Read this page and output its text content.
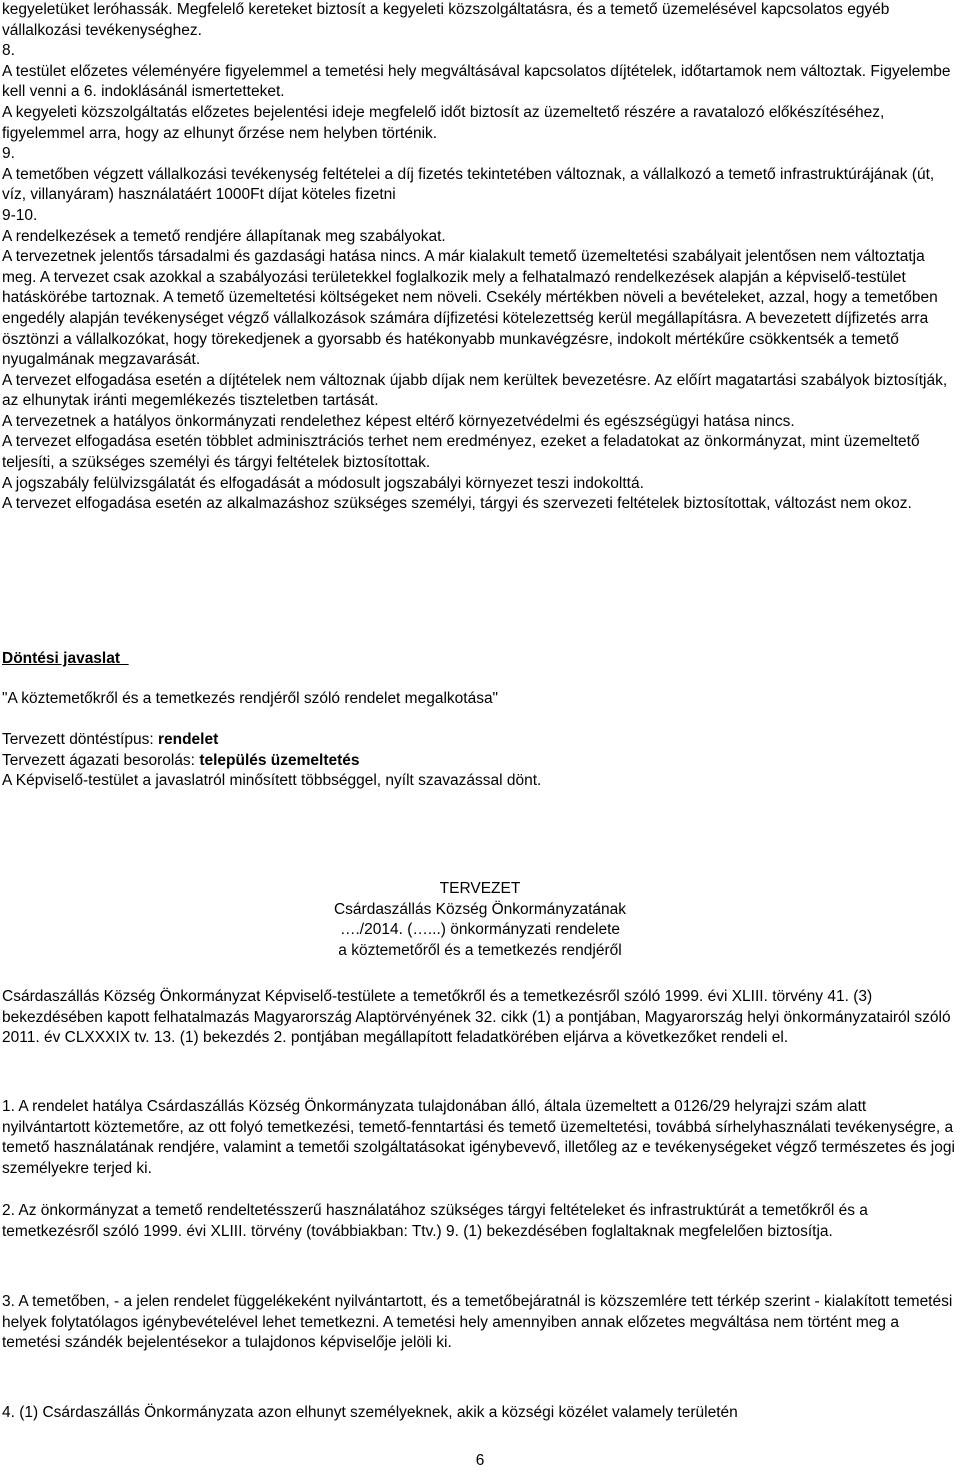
kegyeletüket leróhassák. Megfelelő kereteket biztosít a kegyeleti közszolgáltatásra, és a temető üzemelésével kapcsolatos egyéb vállalkozási tevékenységhez.

8.

A testület előzetes véleményére figyelemmel a temetési hely megváltásával kapcsolatos díjtételek, időtartamok nem változtak. Figyelembe kell venni a 6. indoklásánál ismertetteket.

A kegyeleti közszolgáltatás előzetes bejelentési ideje megfelelő időt biztosít az üzemeltető részére a ravatalozó előkészítéséhez, figyelemmel arra, hogy az elhunyt őrzése nem helyben történik.

9.

A temetőben végzett vállalkozási tevékenység feltételei a díj fizetés tekintetében változnak, a vállalkozó a temető infrastruktúrájának (út, víz, villanyáram) használatáért 1000Ft díjat köteles fizetni

9-10.

A rendelkezések a temető rendjére állapítanak meg szabályokat.

A tervezetnek jelentős társadalmi és gazdasági hatása nincs. A már kialakult temető üzemeltetési szabályait jelentősen nem változtatja meg. A tervezet csak azokkal a szabályozási területekkel foglalkozik mely a felhatalmazó rendelkezések alapján a képviselő-testület hatáskörébe tartoznak. A temető üzemeltetési költségeket nem növeli. Csekély mértékben növeli a bevételeket, azzal, hogy a temetőben engedély alapján tevékenységet végző vállalkozások számára díjfizetési kötelezettség kerül megállapításra. A bevezetett díjfizetés arra ösztönzi a vállalkozókat, hogy törekedjenek a gyorsabb és hatékonyabb munkavégzésre, indokolt mértékűre csökkentsék a temető nyugalmának megzavarását.

A tervezet elfogadása esetén a díjtételek nem változnak újabb díjak nem kerültek bevezetésre. Az előírt magatartási szabályok biztosítják, az elhunytak iránti megemlékezés tiszteletben tartását.

A tervezetnek a hatályos önkormányzati rendelethez képest eltérő környezetvédelmi és egészségügyi hatása nincs.

A tervezet elfogadása esetén többlet adminisztrációs terhet nem eredményez, ezeket a feladatokat az önkormányzat, mint üzemeltető teljesíti, a szükséges személyi és tárgyi feltételek biztosítottak.

A jogszabály felülvizsgálatát és elfogadását a módosult jogszabályi környezet teszi indokolttá.

A tervezet elfogadása esetén az alkalmazáshoz szükséges személyi, tárgyi és szervezeti feltételek biztosítottak, változást nem okoz.

Döntési javaslat

"A köztemetőkről és a temetkezés rendjéről szóló rendelet megalkotása"

Tervezett döntéstípus: rendelet

Tervezett ágazati besorolás: település üzemeltetés

A Képviselő-testület a javaslatról minősített többséggel, nyílt szavazással dönt.

TERVEZET

Csárdaszállás Község Önkormányzatának

…./2014. (…...) önkormányzati rendelete

a köztemetőről és a temetkezés rendjéről

Csárdaszállás Község Önkormányzat Képviselő-testülete a temetőkről és a temetkezésről szóló 1999. évi XLIII. törvény 41. (3) bekezdésében kapott felhatalmazás Magyarország Alaptörvényének 32. cikk (1) a pontjában, Magyarország helyi önkormányzatairól szóló 2011. év CLXXXIX tv. 13. (1) bekezdés 2. pontjában megállapított feladatkörében eljárva a következőket rendeli el.

1. A rendelet hatálya Csárdaszállás Község Önkormányzata tulajdonában álló, általa üzemeltett a 0126/29 helyrajzi szám alatt nyilvántartott köztemetőre, az ott folyó temetkezési, temető-fenntartási és temető üzemeltetési, továbbá sírhelyhasználati tevékenységre, a temető használatának rendjére, valamint a temetői szolgáltatásokat igénybevevő, illetőleg az e tevékenységeket végző természetes és jogi személyekre terjed ki.

2. Az önkormányzat a temető rendeltetésszerű használatához szükséges tárgyi feltételeket és infrastruktúrát a temetőkről és a temetkezésről szóló 1999. évi XLIII. törvény (továbbiakban: Ttv.) 9. (1) bekezdésében foglaltaknak megfelelően biztosítja.

3. A temetőben, - a jelen rendelet függelékeként nyilvántartott, és a temetőbejáratnál is közszemlére tett térkép szerint - kialakított temetési helyek folytatólagos igénybevételével lehet temetkezni. A temetési hely amennyiben annak előzetes megváltása nem történt meg a temetési szándék bejelentésekor a tulajdonos képviselője jelöli ki.

4. (1) Csárdaszállás Önkormányzata azon elhunyt személyeknek, akik a községi közélet valamely területén

6
